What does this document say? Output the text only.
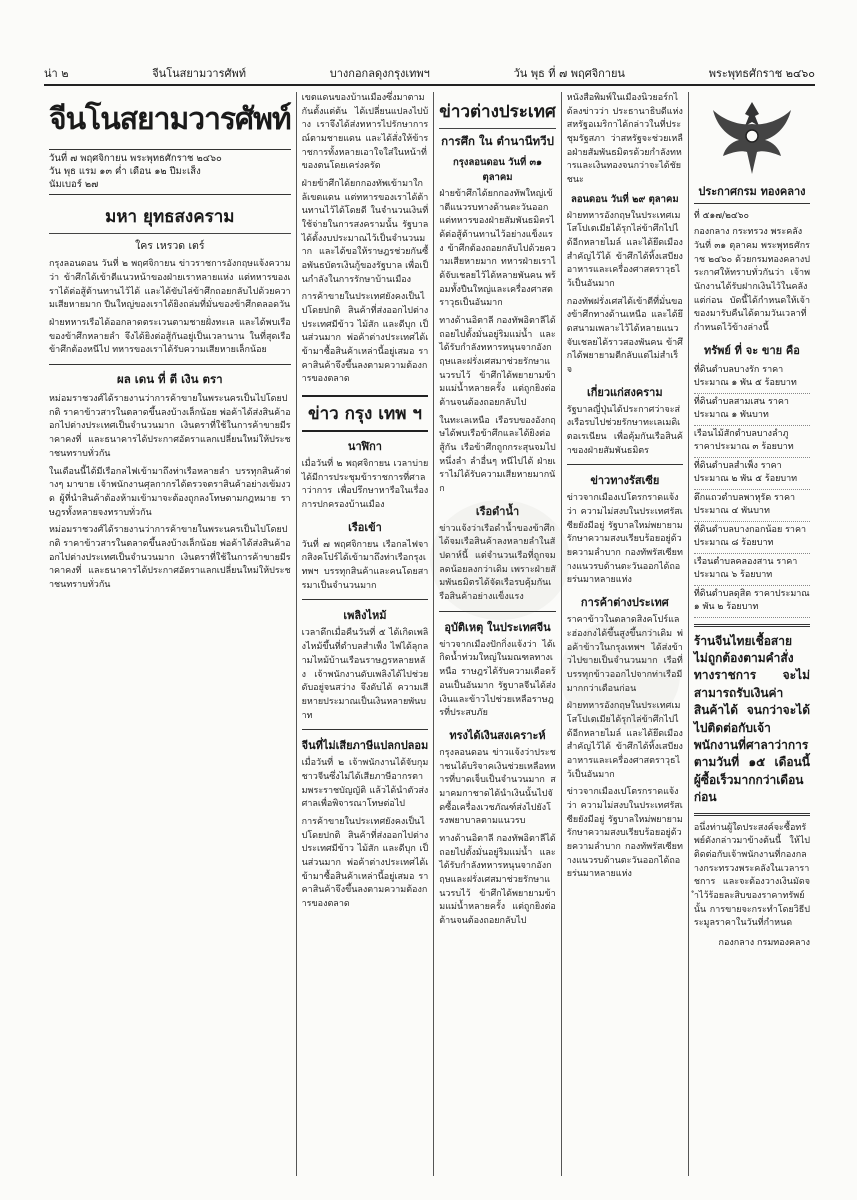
น่า ๒	จีนโนสยามวารศัพท์	บางกอกลดุงกรุงเทพฯ	วัน พุธ ที่ ๗ พฤศจิกายน	พระพุทธศักราช ๒๔๖๐
จีนโนสยามวารศัพท์
วันที่ ๗ พฤศจิกายน พระพุทธศักราช ๒๔๖๐
วัน พุธ แรม ๑๓ ค่ำ เดือน ๑๒ ปีมะเส็ง
นัมเบอร์ ๒๗
มหา ยุทธสงคราม
ใคร เหรวด เตร์

กรุงลอนดอน วันที่ ๒ พฤศจิกายน ข่าวราชการอังกฤษแจ้งความว่า ข้าศึกได้เข้าตีแนวหน้าของฝ่ายเราหลายแห่ง แต่ทหารของเราได้ต่อสู้ต้านทานไว้ได้ และได้ขับไล่ข้าศึกถอยกลับไปด้วยความเสียหายมาก ปืนใหญ่ของเราได้ยิงถล่มที่มั่นของข้าศึกตลอดวัน

ฝ่ายทหารเรือได้ออกลาดตระเวนตามชายฝั่งทะเล และได้พบเรือของข้าศึกหลายลำ จึงได้ยิงต่อสู้กันอยู่เป็นเวลานาน ในที่สุดเรือข้าศึกต้องหนีไป ทหารของเราได้รับความเสียหายเล็กน้อย

ผล เดน ที่ ตี เงิน ตรา

หม่อมราชวงศ์ได้รายงานว่าการค้าขายในพระนครเป็นไปโดยปกติ ราคาข้าวสารในตลาดขึ้นลงบ้างเล็กน้อย พ่อค้าได้ส่งสินค้าออกไปต่างประเทศเป็นจำนวนมาก เงินตราที่ใช้ในการค้าขายมีราคาคงที่ และธนาคารได้ประกาศอัตราแลกเปลี่ยนใหม่ให้ประชาชนทราบทั่วกัน

ในเดือนนี้ได้มีเรือกลไฟเข้ามาถึงท่าเรือหลายลำ บรรทุกสินค้าต่างๆ มาขาย เจ้าพนักงานศุลกากรได้ตรวจตราสินค้าอย่างเข้มงวด ผู้ที่นำสินค้าต้องห้ามเข้ามาจะต้องถูกลงโทษตามกฎหมาย ราษฎรทั้งหลายจงทราบทั่วกัน

หม่อมราชวงศ์ได้รายงานว่าการค้าขายในพระนครเป็นไปโดยปกติ ราคาข้าวสารในตลาดขึ้นลงบ้างเล็กน้อย พ่อค้าได้ส่งสินค้าออกไปต่างประเทศเป็นจำนวนมาก เงินตราที่ใช้ในการค้าขายมีราคาคงที่ และธนาคารได้ประกาศอัตราแลกเปลี่ยนใหม่ให้ประชาชนทราบทั่วกัน

เขตแดนของบ้านเมืองซึ่งมาตามกันตั้งแต่ต้น ได้เปลี่ยนแปลงไปบ้าง เราจึงได้ส่งทหารไปรักษาการณ์ตามชายแดน และได้สั่งให้ข้าราชการทั้งหลายเอาใจใส่ในหน้าที่ของตนโดยเคร่งครัด

ฝ่ายข้าศึกได้ยกกองทัพเข้ามาใกล้เขตแดน แต่ทหารของเราได้ต้านทานไว้ได้โดยดี ในจำนวนเงินที่ใช้จ่ายในการสงครามนั้น รัฐบาลได้ตั้งงบประมาณไว้เป็นจำนวนมาก และได้ขอให้ราษฎรช่วยกันซื้อพันธบัตรเงินกู้ของรัฐบาล เพื่อเป็นกำลังในการรักษาบ้านเมือง

การค้าขายในประเทศยังคงเป็นไปโดยปกติ สินค้าที่ส่งออกไปต่างประเทศมีข้าว ไม้สัก และดีบุก เป็นส่วนมาก พ่อค้าต่างประเทศได้เข้ามาซื้อสินค้าเหล่านี้อยู่เสมอ ราคาสินค้าจึงขึ้นลงตามความต้องการของตลาด

ข่าว กรุง เทพ ฯ
นาฬิกา

เมื่อวันที่ ๒ พฤศจิกายน เวลาบ่าย ได้มีการประชุมข้าราชการที่ศาลาว่าการ เพื่อปรึกษาหารือในเรื่องการปกครองบ้านเมือง

เรือเข้า

วันที่ ๗ พฤศจิกายน เรือกลไฟจากสิงคโปร์ได้เข้ามาถึงท่าเรือกรุงเทพฯ บรรทุกสินค้าและคนโดยสารมาเป็นจำนวนมาก

เพลิงไหม้

เวลาดึกเมื่อคืนวันที่ ๕ ได้เกิดเพลิงไหม้ขึ้นที่ตำบลสำเพ็ง ไฟได้ลุกลามไหม้บ้านเรือนราษฎรหลายหลัง เจ้าพนักงานดับเพลิงได้ไปช่วยดับอยู่จนสว่าง จึงดับได้ ความเสียหายประมาณเป็นเงินหลายพันบาท

จีนที่ไม่เสียภาษีแปลกปลอม

เมื่อวันที่ ๒ เจ้าพนักงานได้จับกุมชาวจีนซึ่งไม่ได้เสียภาษีอากรตามพระราชบัญญัติ แล้วได้นำตัวส่งศาลเพื่อพิจารณาโทษต่อไป

การค้าขายในประเทศยังคงเป็นไปโดยปกติ สินค้าที่ส่งออกไปต่างประเทศมีข้าว ไม้สัก และดีบุก เป็นส่วนมาก พ่อค้าต่างประเทศได้เข้ามาซื้อสินค้าเหล่านี้อยู่เสมอ ราคาสินค้าจึงขึ้นลงตามความต้องการของตลาด

ข่าวต่างประเทศ
การศึก ใน ตำนานีทวีป
กรุงลอนดอน วันที่ ๓๑ ตุลาคม

ฝ่ายข้าศึกได้ยกกองทัพใหญ่เข้าตีแนวรบทางด้านตะวันออก แต่ทหารของฝ่ายสัมพันธมิตรได้ต่อสู้ต้านทานไว้อย่างแข็งแรง ข้าศึกต้องถอยกลับไปด้วยความเสียหายมาก ทหารฝ่ายเราได้จับเชลยไว้ได้หลายพันคน พร้อมทั้งปืนใหญ่และเครื่องศาสตราวุธเป็นอันมาก

ทางด้านอิตาลี กองทัพอิตาลีได้ถอยไปตั้งมั่นอยู่ริมแม่น้ำ และได้รับกำลังทหารหนุนจากอังกฤษและฝรั่งเศสมาช่วยรักษาแนวรบไว้ ข้าศึกได้พยายามข้ามแม่น้ำหลายครั้ง แต่ถูกยิงต่อต้านจนต้องถอยกลับไป

ในทะเลเหนือ เรือรบของอังกฤษได้พบเรือข้าศึกและได้ยิงต่อสู้กัน เรือข้าศึกถูกกระสุนจมไปหนึ่งลำ ลำอื่นๆ หนีไปได้ ฝ่ายเราไม่ได้รับความเสียหายมากนัก

เรือดำน้ำ

ข่าวแจ้งว่าเรือดำน้ำของข้าศึกได้จมเรือสินค้าลงหลายลำในสัปดาห์นี้ แต่จำนวนเรือที่ถูกจมลดน้อยลงกว่าเดิม เพราะฝ่ายสัมพันธมิตรได้จัดเรือรบคุ้มกันเรือสินค้าอย่างแข็งแรง

อุบัติเหตุ ในประเทศจีน

ข่าวจากเมืองปักกิ่งแจ้งว่า ได้เกิดน้ำท่วมใหญ่ในมณฑลทางเหนือ ราษฎรได้รับความเดือดร้อนเป็นอันมาก รัฐบาลจีนได้ส่งเงินและข้าวไปช่วยเหลือราษฎรที่ประสบภัย

ทรงได้เงินสงเคราะห์

กรุงลอนดอน ข่าวแจ้งว่าประชาชนได้บริจาคเงินช่วยเหลือทหารที่บาดเจ็บเป็นจำนวนมาก สมาคมกาชาดได้นำเงินนั้นไปจัดซื้อเครื่องเวชภัณฑ์ส่งไปยังโรงพยาบาลตามแนวรบ

ทางด้านอิตาลี กองทัพอิตาลีได้ถอยไปตั้งมั่นอยู่ริมแม่น้ำ และได้รับกำลังทหารหนุนจากอังกฤษและฝรั่งเศสมาช่วยรักษาแนวรบไว้ ข้าศึกได้พยายามข้ามแม่น้ำหลายครั้ง แต่ถูกยิงต่อต้านจนต้องถอยกลับไป

หนังสือพิมพ์ในเมืองนิวยอร์กได้ลงข่าวว่า ประธานาธิบดีแห่งสหรัฐอเมริกาได้กล่าวในที่ประชุมรัฐสภา ว่าสหรัฐจะช่วยเหลือฝ่ายสัมพันธมิตรด้วยกำลังทหารและเงินทองจนกว่าจะได้ชัยชนะ

ลอนดอน วันที่ ๒๙ ตุลาคม

ฝ่ายทหารอังกฤษในประเทศเมโสโปเตเมียได้รุกไล่ข้าศึกไปได้อีกหลายไมล์ และได้ยึดเมืองสำคัญไว้ได้ ข้าศึกได้ทิ้งเสบียงอาหารและเครื่องศาสตราวุธไว้เป็นอันมาก

กองทัพฝรั่งเศสได้เข้าตีที่มั่นของข้าศึกทางด้านเหนือ และได้ยึดสนามเพลาะไว้ได้หลายแนว จับเชลยได้ราวสองพันคน ข้าศึกได้พยายามตีกลับแต่ไม่สำเร็จ

เกี่ยวแก่สงคราม

รัฐบาลญี่ปุ่นได้ประกาศว่าจะส่งเรือรบไปช่วยรักษาทะเลเมดิเตอเรเนียน เพื่อคุ้มกันเรือสินค้าของฝ่ายสัมพันธมิตร

ข่าวทางรัสเซีย

ข่าวจากเมืองเปโตรกราดแจ้งว่า ความไม่สงบในประเทศรัสเซียยังมีอยู่ รัฐบาลใหม่พยายามรักษาความสงบเรียบร้อยอยู่ด้วยความลำบาก กองทัพรัสเซียทางแนวรบด้านตะวันออกได้ถอยร่นมาหลายแห่ง

การค้าต่างประเทศ

ราคาข้าวในตลาดสิงคโปร์และฮ่องกงได้ขึ้นสูงขึ้นกว่าเดิม พ่อค้าข้าวในกรุงเทพฯ ได้ส่งข้าวไปขายเป็นจำนวนมาก เรือที่บรรทุกข้าวออกไปจากท่าเรือมีมากกว่าเดือนก่อน

ฝ่ายทหารอังกฤษในประเทศเมโสโปเตเมียได้รุกไล่ข้าศึกไปได้อีกหลายไมล์ และได้ยึดเมืองสำคัญไว้ได้ ข้าศึกได้ทิ้งเสบียงอาหารและเครื่องศาสตราวุธไว้เป็นอันมาก

ข่าวจากเมืองเปโตรกราดแจ้งว่า ความไม่สงบในประเทศรัสเซียยังมีอยู่ รัฐบาลใหม่พยายามรักษาความสงบเรียบร้อยอยู่ด้วยความลำบาก กองทัพรัสเซียทางแนวรบด้านตะวันออกได้ถอยร่นมาหลายแห่ง

ประกาศกรม ทองคลาง
ที่ ๕๑๗/๒๔๖๐
กองกลาง กระทรวง พระคลัง

วันที่ ๓๑ ตุลาคม พระพุทธศักราช ๒๔๖๐ ด้วยกรมทองคลางประกาศให้ทราบทั่วกันว่า เจ้าพนักงานได้รับฝากเงินไว้ในคลังแต่ก่อน บัดนี้ได้กำหนดให้เจ้าของมารับคืนได้ตามวันเวลาที่กำหนดไว้ข้างล่างนี้

ทรัพย์ ที่ จะ ขาย คือ
ที่ดินตำบลบางรัก ราคาประมาณ ๑ พัน ๕ ร้อยบาท
ที่ดินตำบลสามเสน ราคาประมาณ ๑ พันบาท
เรือนไม้สักตำบลบางลำภู ราคาประมาณ ๓ ร้อยบาท
ที่ดินตำบลสำเพ็ง ราคาประมาณ ๒ พัน ๕ ร้อยบาท
ตึกแถวตำบลพาหุรัด ราคาประมาณ ๔ พันบาท
ที่ดินตำบลบางกอกน้อย ราคาประมาณ ๘ ร้อยบาท
เรือนตำบลคลองสาน ราคาประมาณ ๖ ร้อยบาท
ที่ดินตำบลดุสิต ราคาประมาณ ๑ พัน ๒ ร้อยบาท
ร้านจีนไทยเชื้อสาย ไม่ถูกต้องตามคำสั่งทางราชการ จะไม่สามารถรับเงินค่าสินค้าได้ จนกว่าจะได้ไปติดต่อกับเจ้าพนักงานที่ศาลาว่าการตามวันที่ ๑๕ เดือนนี้ ผู้ซื้อเร็วมากกว่าเดือนก่อน

อนึ่งท่านผู้ใดประสงค์จะซื้อทรัพย์ดังกล่าวมาข้างต้นนี้ ให้ไปติดต่อกับเจ้าพนักงานที่กองกลางกระทรวงพระคลังในเวลาราชการ และจะต้องวางเงินมัดจำไว้ร้อยละสิบของราคาทรัพย์นั้น การขายจะกระทำโดยวิธีประมูลราคาในวันที่กำหนด

กองกลาง กรมทองคลาง
